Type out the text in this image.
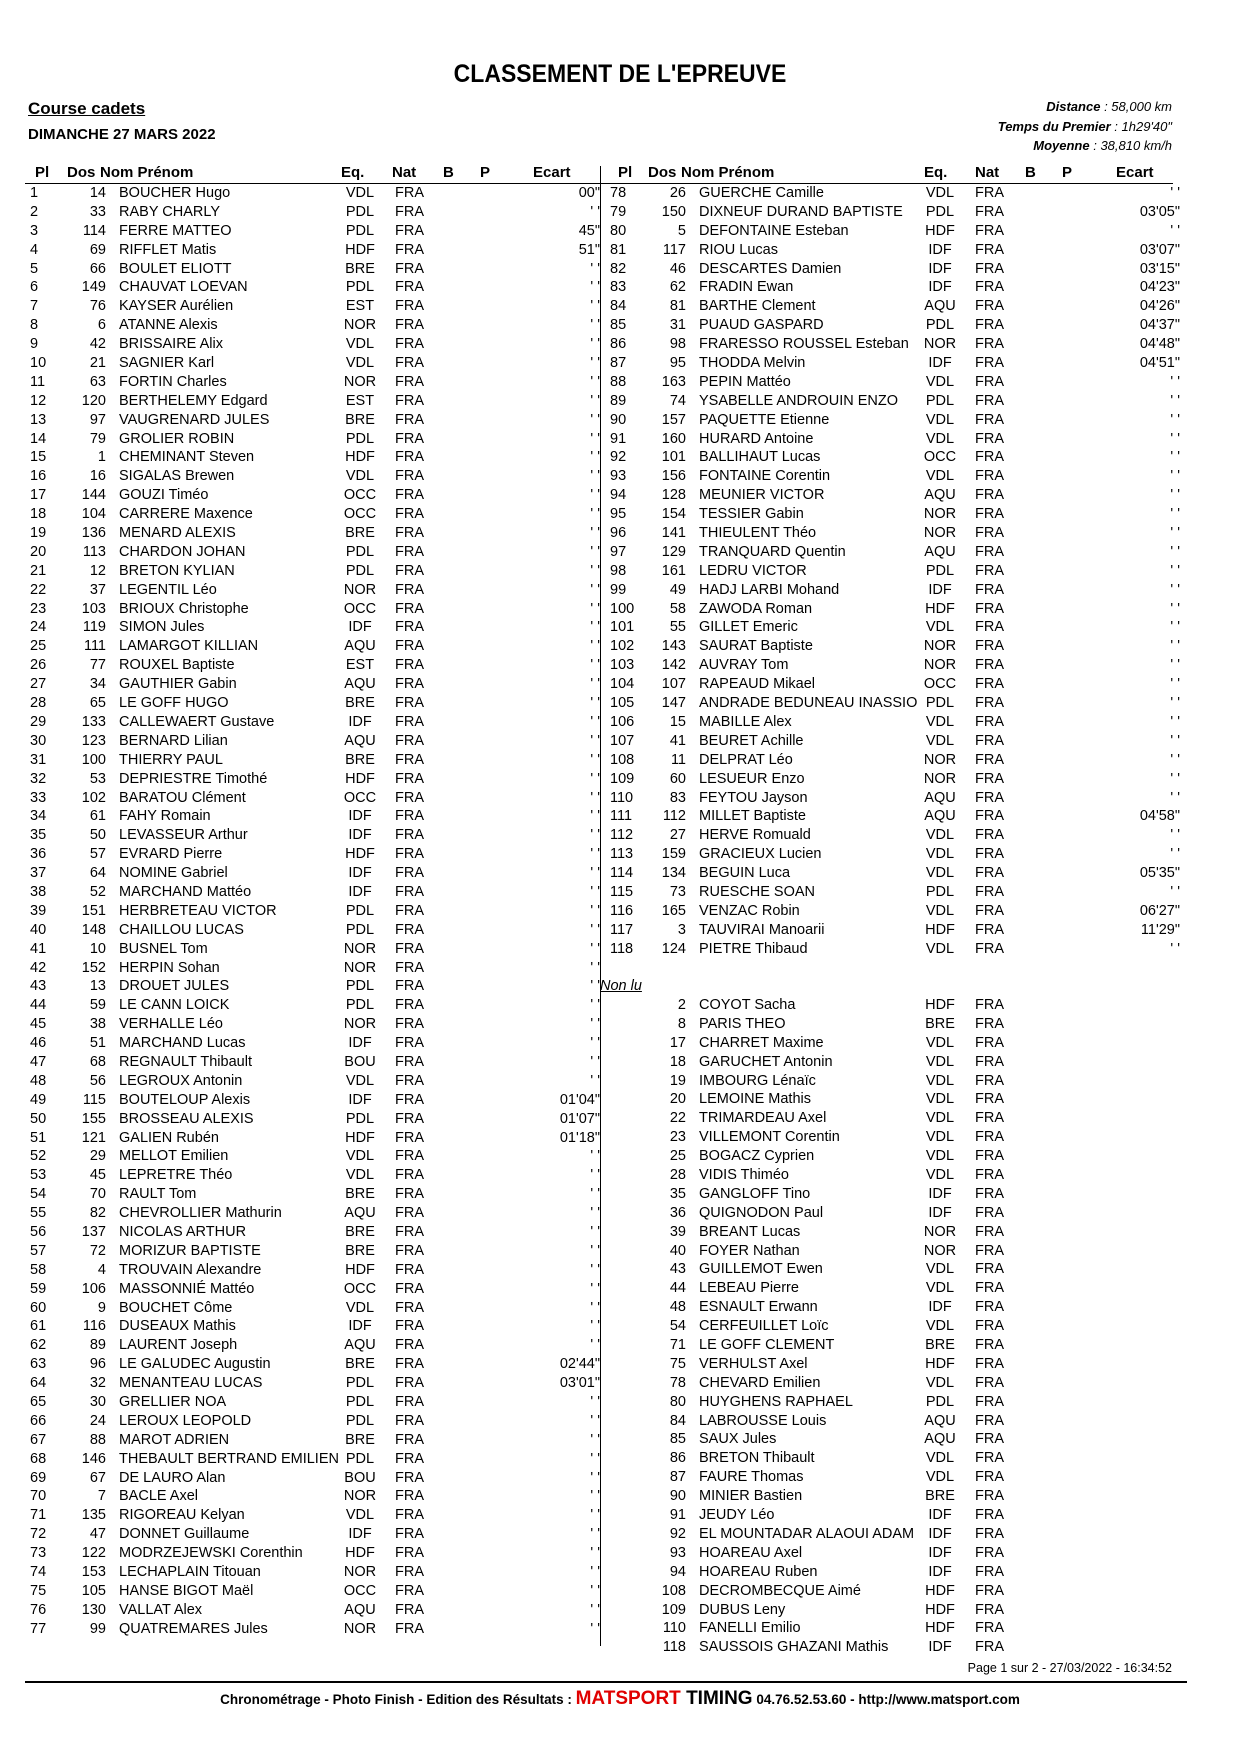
CLASSEMENT DE L'EPREUVE
Course cadets
DIMANCHE 27 MARS 2022
Distance : 58,000 km
Temps du Premier : 1h29'40"
Moyenne : 38,810 km/h
Pl Dos Nom Prénom	Eq. Nat B P	Ecart	Pl Dos Nom Prénom	Eq. Nat B P	Ecart
1	14 BOUCHER Hugo	VDL	FRA	00"
2	33 RABY CHARLY	PDL	FRA	' '
3	114 FERRE MATTEO	PDL	FRA	45"
4	69 RIFFLET Matis	HDF	FRA	51"
5	66 BOULET ELIOTT	BRE	FRA	' '
6	149 CHAUVAT LOEVAN	PDL	FRA	' '
7	76 KAYSER Aurélien	EST	FRA	' '
8	6 ATANNE Alexis	NOR	FRA	' '
9	42 BRISSAIRE Alix	VDL	FRA	' '
10	21 SAGNIER Karl	VDL	FRA	' '
11	63 FORTIN Charles	NOR	FRA	' '
12	120 BERTHELEMY Edgard	EST	FRA	' '
13	97 VAUGRENARD JULES	BRE	FRA	' '
14	79 GROLIER ROBIN	PDL	FRA	' '
15	1 CHEMINANT Steven	HDF	FRA	' '
16	16 SIGALAS Brewen	VDL	FRA	' '
17	144 GOUZI Timéo	OCC	FRA	' '
18	104 CARRERE Maxence	OCC	FRA	' '
19	136 MENARD ALEXIS	BRE	FRA	' '
20	113 CHARDON JOHAN	PDL	FRA	' '
21	12 BRETON KYLIAN	PDL	FRA	' '
22	37 LEGENTIL Léo	NOR	FRA	' '
23	103 BRIOUX Christophe	OCC	FRA	' '
24	119 SIMON Jules	IDF	FRA	' '
25	111 LAMARGOT KILLIAN	AQU	FRA	' '
26	77 ROUXEL Baptiste	EST	FRA	' '
27	34 GAUTHIER Gabin	AQU	FRA	' '
28	65 LE GOFF HUGO	BRE	FRA	' '
29	133 CALLEWAERT Gustave	IDF	FRA	' '
30	123 BERNARD Lilian	AQU	FRA	' '
31	100 THIERRY PAUL	BRE	FRA	' '
32	53 DEPRIESTRE Timothé	HDF	FRA	' '
33	102 BARATOU Clément	OCC	FRA	' '
34	61 FAHY Romain	IDF	FRA	' '
35	50 LEVASSEUR Arthur	IDF	FRA	' '
36	57 EVRARD Pierre	HDF	FRA	' '
37	64 NOMINE Gabriel	IDF	FRA	' '
38	52 MARCHAND Mattéo	IDF	FRA	' '
39	151 HERBRETEAU VICTOR	PDL	FRA	' '
40	148 CHAILLOU LUCAS	PDL	FRA	' '
41	10 BUSNEL Tom	NOR	FRA	' '
42	152 HERPIN Sohan	NOR	FRA	' '
43	13 DROUET JULES	PDL	FRA	' '
44	59 LE CANN LOICK	PDL	FRA	' '
45	38 VERHALLE Léo	NOR	FRA	' '
46	51 MARCHAND Lucas	IDF	FRA	' '
47	68 REGNAULT Thibault	BOU	FRA	' '
48	56 LEGROUX Antonin	VDL	FRA	' '
49	115 BOUTELOUP Alexis	IDF	FRA	01'04"
50	155 BROSSEAU ALEXIS	PDL	FRA	01'07"
51	121 GALIEN Rubén	HDF	FRA	01'18"
52	29 MELLOT Emilien	VDL	FRA	' '
53	45 LEPRETRE Théo	VDL	FRA	' '
54	70 RAULT Tom	BRE	FRA	' '
55	82 CHEVROLLIER Mathurin	AQU	FRA	' '
56	137 NICOLAS ARTHUR	BRE	FRA	' '
57	72 MORIZUR BAPTISTE	BRE	FRA	' '
58	4 TROUVAIN Alexandre	HDF	FRA	' '
59	106 MASSONNIÉ Mattéo	OCC	FRA	' '
60	9 BOUCHET Côme	VDL	FRA	' '
61	116 DUSEAUX Mathis	IDF	FRA	' '
62	89 LAURENT Joseph	AQU	FRA	' '
63	96 LE GALUDEC Augustin	BRE	FRA	02'44"
64	32 MENANTEAU LUCAS	PDL	FRA	03'01"
65	30 GRELLIER NOA	PDL	FRA	' '
66	24 LEROUX LEOPOLD	PDL	FRA	' '
67	88 MAROT ADRIEN	BRE	FRA	' '
68	146 THEBAULT BERTRAND EMILIEN PDL	FRA	' '
69	67 DE LAURO Alan	BOU	FRA	' '
70	7 BACLE Axel	NOR	FRA	' '
71	135 RIGOREAU Kelyan	VDL	FRA	' '
72	47 DONNET Guillaume	IDF	FRA	' '
73	122 MODRZEJEWSKI Corenthin	HDF	FRA	' '
74	153 LECHAPLAIN Titouan	NOR	FRA	' '
75	105 HANSE BIGOT Maël	OCC	FRA	' '
76	130 VALLAT Alex	AQU	FRA	' '
77	99 QUATREMARES Jules	NOR	FRA	' '
78	26 GUERCHE Camille	VDL	FRA	' '
79	150 DIXNEUF DURAND BAPTISTE	PDL	FRA	03'05"
80	5 DEFONTAINE Esteban	HDF	FRA	' '
81	117 RIOU Lucas	IDF	FRA	03'07"
82	46 DESCARTES Damien	IDF	FRA	03'15"
83	62 FRADIN Ewan	IDF	FRA	04'23"
84	81 BARTHE Clement	AQU	FRA	04'26"
85	31 PUAUD GASPARD	PDL	FRA	04'37"
86	98 FRARESSO ROUSSEL Esteban	NOR	FRA	04'48"
87	95 THODDA Melvin	IDF	FRA	04'51"
88	163 PEPIN Mattéo	VDL	FRA	' '
89	74 YSABELLE ANDROUIN ENZO	PDL	FRA	' '
90	157 PAQUETTE Etienne	VDL	FRA	' '
91	160 HURARD Antoine	VDL	FRA	' '
92	101 BALLIHAUT Lucas	OCC	FRA	' '
93	156 FONTAINE Corentin	VDL	FRA	' '
94	128 MEUNIER VICTOR	AQU	FRA	' '
95	154 TESSIER Gabin	NOR	FRA	' '
96	141 THIEULENT Théo	NOR	FRA	' '
97	129 TRANQUARD Quentin	AQU	FRA	' '
98	161 LEDRU VICTOR	PDL	FRA	' '
99	49 HADJ LARBI Mohand	IDF	FRA	' '
100	58 ZAWODA Roman	HDF	FRA	' '
101	55 GILLET Emeric	VDL	FRA	' '
102	143 SAURAT Baptiste	NOR	FRA	' '
103	142 AUVRAY Tom	NOR	FRA	' '
104	107 RAPEAUD Mikael	OCC	FRA	' '
105	147 ANDRADE BEDUNEAU INASSIO PDL	FRA	' '
106	15 MABILLE Alex	VDL	FRA	' '
107	41 BEURET Achille	VDL	FRA	' '
108	11 DELPRAT Léo	NOR	FRA	' '
109	60 LESUEUR Enzo	NOR	FRA	' '
110	83 FEYTOU Jayson	AQU	FRA	' '
111	112 MILLET Baptiste	AQU	FRA	04'58"
112	27 HERVE Romuald	VDL	FRA	' '
113	159 GRACIEUX Lucien	VDL	FRA	' '
114	134 BEGUIN Luca	VDL	FRA	05'35"
115	73 RUESCHE SOAN	PDL	FRA	' '
116	165 VENZAC Robin	VDL	FRA	06'27"
117	3 TAUVIRAI Manoarii	HDF	FRA	11'29"
118	124 PIETRE Thibaud	VDL	FRA	' '
Non lu
2 COYOT Sacha	HDF	FRA
8 PARIS THEO	BRE	FRA
17 CHARRET Maxime	VDL	FRA
18 GARUCHET Antonin	VDL	FRA
19 IMBOURG Lénaïc	VDL	FRA
20 LEMOINE Mathis	VDL	FRA
22 TRIMARDEAU Axel	VDL	FRA
23 VILLEMONT Corentin	VDL	FRA
25 BOGACZ Cyprien	VDL	FRA
28 VIDIS Thiméo	VDL	FRA
35 GANGLOFF Tino	IDF	FRA
36 QUIGNODON Paul	IDF	FRA
39 BREANT Lucas	NOR	FRA
40 FOYER Nathan	NOR	FRA
43 GUILLEMOT Ewen	VDL	FRA
44 LEBEAU Pierre	VDL	FRA
48 ESNAULT Erwann	IDF	FRA
54 CERFEUILLET Loïc	VDL	FRA
71 LE GOFF CLEMENT	BRE	FRA
75 VERHULST Axel	HDF	FRA
78 CHEVARD Emilien	VDL	FRA
80 HUYGHENS RAPHAEL	PDL	FRA
84 LABROUSSE Louis	AQU	FRA
85 SAUX Jules	AQU	FRA
86 BRETON Thibault	VDL	FRA
87 FAURE Thomas	VDL	FRA
90 MINIER Bastien	BRE	FRA
91 JEUDY Léo	IDF	FRA
92 EL MOUNTADAR ALAOUI ADAM IDF	FRA
93 HOAREAU Axel	IDF	FRA
94 HOAREAU Ruben	IDF	FRA
108 DECROMBECQUE Aimé	HDF	FRA
109 DUBUS Leny	HDF	FRA
110 FANELLI Emilio	HDF	FRA
118 SAUSSOIS GHAZANI Mathis	IDF	FRA
Page 1 sur 2 - 27/03/2022 - 16:34:52
Chronométrage - Photo Finish - Edition des Résultats : MATSPORT TIMING 04.76.52.53.60 - http://www.matsport.com
